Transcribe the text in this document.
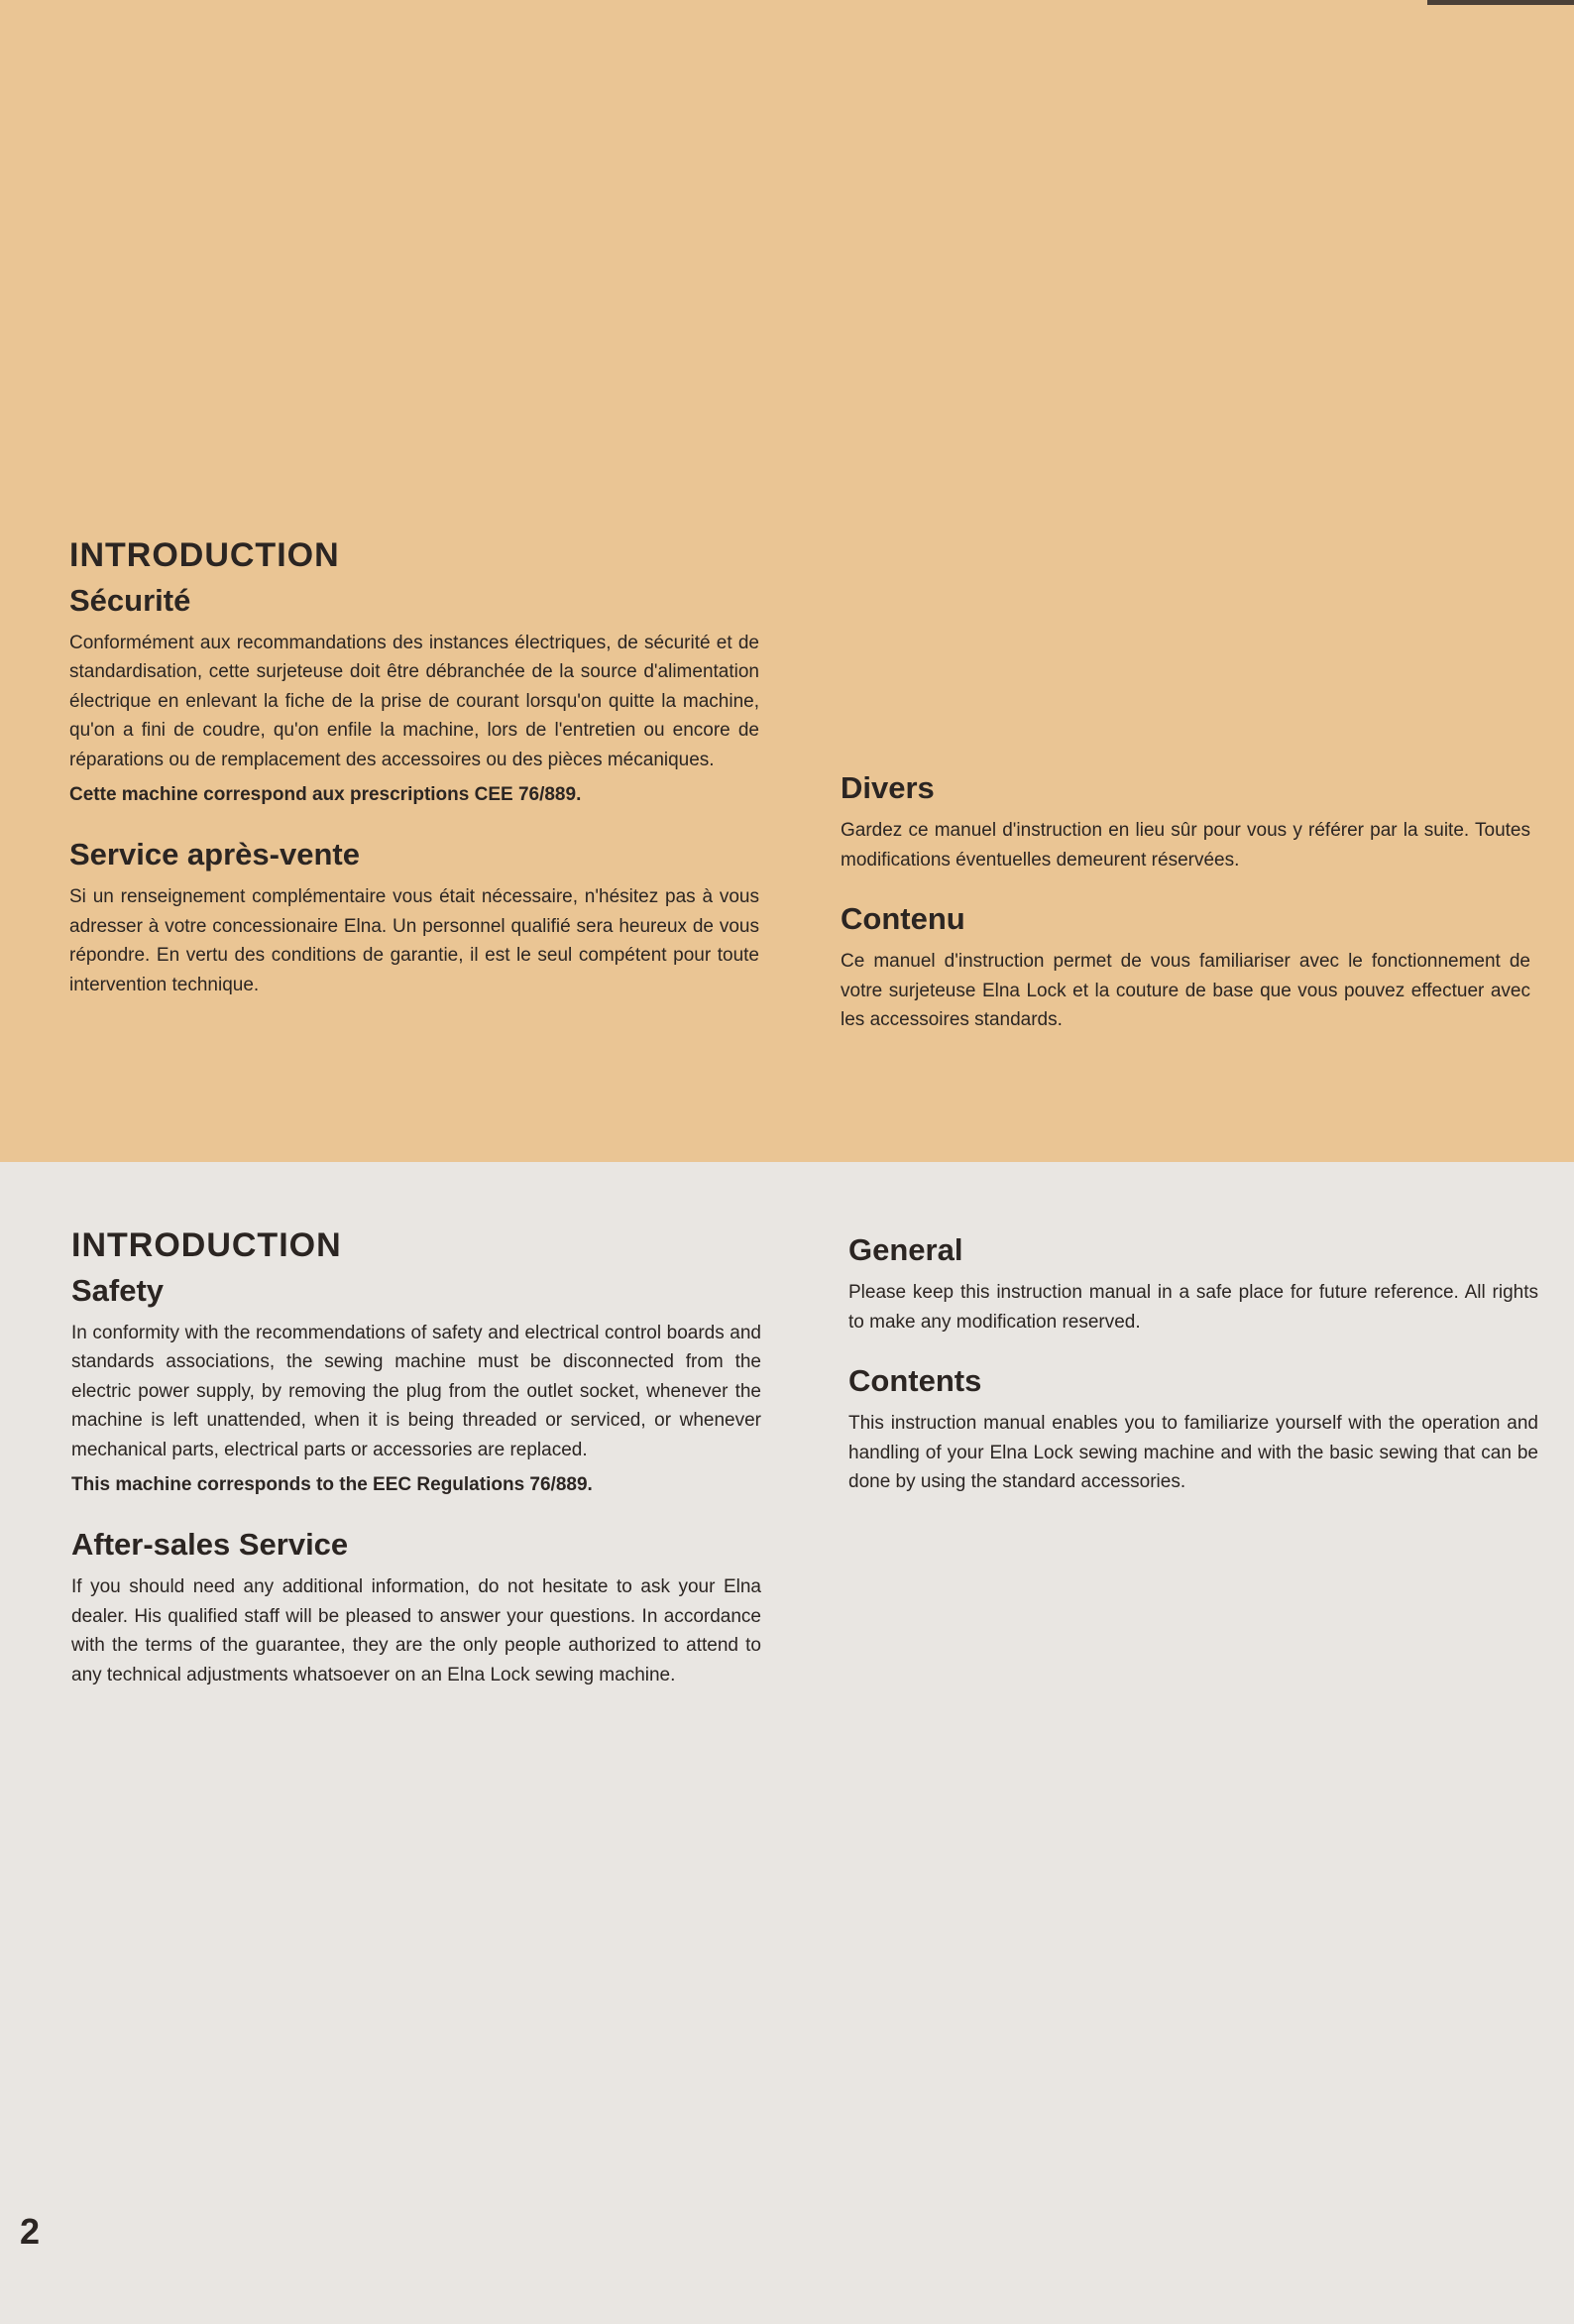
INTRODUCTION
Sécurité

Conformément aux recommandations des instances électriques, de sécurité et de standardisation, cette surjeteuse doit être débranchée de la source d'alimentation électrique en enlevant la fiche de la prise de courant lorsqu'on quitte la machine, qu'on a fini de coudre, qu'on enfile la machine, lors de l'entretien ou encore de réparations ou de remplacement des accessoires ou des pièces mécaniques.

Cette machine correspond aux prescriptions CEE 76/889.

Service après-vente

Si un renseignement complémentaire vous était nécessaire, n'hésitez pas à vous adresser à votre concessionaire Elna. Un personnel qualifié sera heureux de vous répondre. En vertu des conditions de garantie, il est le seul compétent pour toute intervention technique.

Divers

Gardez ce manuel d'instruction en lieu sûr pour vous y référer par la suite. Toutes modifications éventuelles demeurent réservées.

Contenu

Ce manuel d'instruction permet de vous familiariser avec le fonctionnement de votre surjeteuse Elna Lock et la couture de base que vous pouvez effectuer avec les accessoires standards.

INTRODUCTION
Safety

In conformity with the recommendations of safety and electrical control boards and standards associations, the sewing machine must be disconnected from the electric power supply, by removing the plug from the outlet socket, whenever the machine is left unattended, when it is being threaded or serviced, or whenever mechanical parts, electrical parts or accessories are replaced.

This machine corresponds to the EEC Regulations 76/889.

After-sales Service

If you should need any additional information, do not hesitate to ask your Elna dealer. His qualified staff will be pleased to answer your questions. In accordance with the terms of the guarantee, they are the only people authorized to attend to any technical adjustments whatsoever on an Elna Lock sewing machine.

General

Please keep this instruction manual in a safe place for future reference. All rights to make any modification reserved.

Contents

This instruction manual enables you to familiarize yourself with the operation and handling of your Elna Lock sewing machine and with the basic sewing that can be done by using the standard accessories.

2
